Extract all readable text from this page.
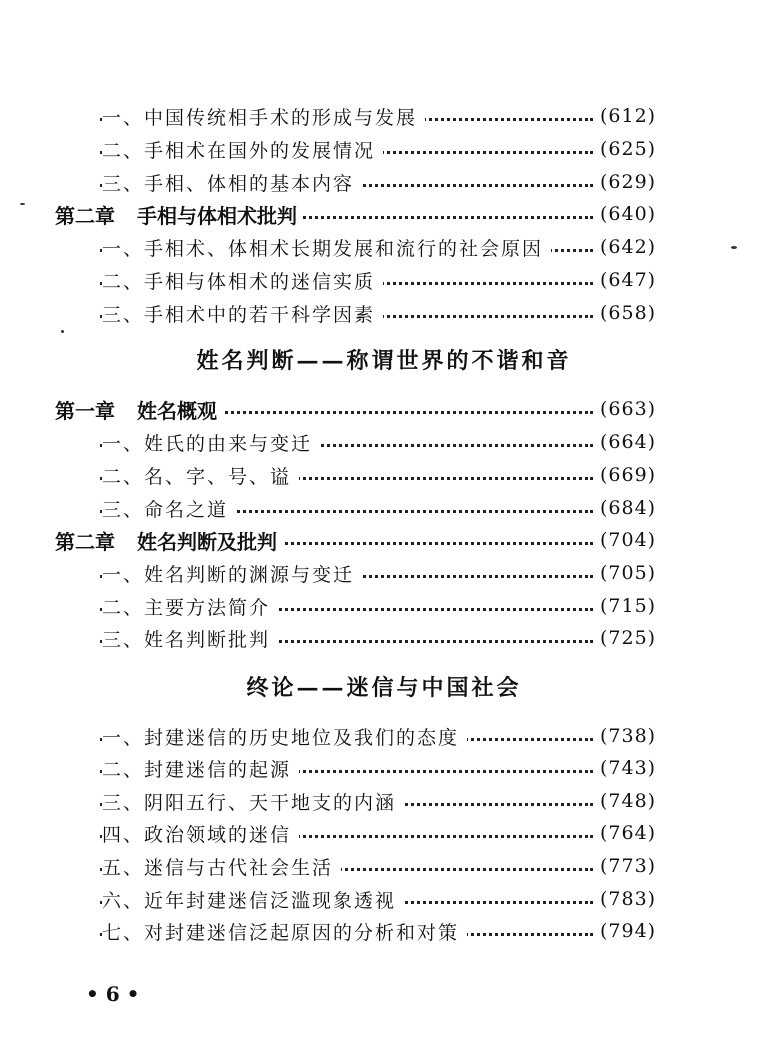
一、中国传统相手术的形成与发展	(612)
二、手相术在国外的发展情况	(625)
三、手相、体相的基本内容	(629)
第二章 手相与体相术批判	(640)
一、手相术、体相术长期发展和流行的社会原因	(642)
二、手相与体相术的迷信实质	(647)
三、手相术中的若干科学因素	(658)
姓名判断——称谓世界的不谐和音
第一章 姓名概观	(663)
一、姓氏的由来与变迁	(664)
二、名、字、号、谥	(669)
三、命名之道	(684)
第二章 姓名判断及批判	(704)
一、姓名判断的渊源与变迁	(705)
二、主要方法简介	(715)
三、姓名判断批判	(725)
终论——迷信与中国社会
一、封建迷信的历史地位及我们的态度	(738)
二、封建迷信的起源	(743)
三、阴阳五行、天干地支的内涵	(748)
四、政治领域的迷信	(764)
五、迷信与古代社会生活	(773)
六、近年封建迷信泛滥现象透视	(783)
七、对封建迷信泛起原因的分析和对策	(794)
• 6 •
